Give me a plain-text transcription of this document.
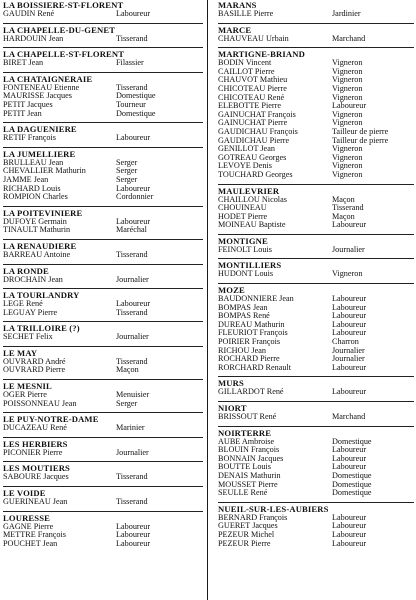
LA BOISSIERE-ST-FLORENT
GAUDIN René	Laboureur
LA CHAPELLE-DU-GENET
HARDOUIN Jean	Tisserand
LA CHAPELLE-ST-FLORENT
BIRET Jean	Filassier
LA CHATAIGNERAIE
FONTENEAU Etienne	Tisserand
MAURISSE Jacques	Domestique
PETIT Jacques	Tourneur
PETIT Jean	Domestique
LA DAGUENIERE
RETIF François	Laboureur
LA JUMELLIERE
BRULLEAU Jean	Serger
CHEVALLIER Mathurin	Serger
JAMME Jean	Serger
RICHARD Louis	Laboureur
ROMPION Charles	Cordonnier
LA POITEVINIERE
DUFOYE Germain	Laboureur
TINAULT Mathurin	Maréchal
LA RENAUDIERE
BARREAU Antoine	Tisserand
LA RONDE
DROCHAIN Jean	Journalier
LA TOURLANDRY
LEGE René	Laboureur
LEGUAY Pierre	Tisserand
LA TRILLOIRE (?)
SECHET Felix	Journalier
LE MAY
OUVRARD André	Tisserand
OUVRARD Pierre	Maçon
LE MESNIL
OGER Pierre	Menuisier
POISSONNEAU Jean	Serger
LE PUY-NOTRE-DAME
DUCAZEAU René	Marinier
LES HERBIERS
PICONIER Pierre	Journalier
LES MOUTIERS
SABOURE Jacques	Tisserand
LE VOIDE
GUERINEAU Jean	Tisserand
LOURESSE
GAGNE Pierre	Laboureur
METTRE François	Laboureur
POUCHET Jean	Laboureur
MARANS
BASILLE Pierre	Jardinier
MARCE
CHAUVEAU Urbain	Marchand
MARTIGNE-BRIAND
BODIN Vincent	Vigneron
CAILLOT Pierre	Vigneron
CHAUVOT Mathieu	Vigneron
CHICOTEAU Pierre	Vigneron
CHICOTEAU René	Vigneron
ELEBOTTE Pierre	Laboureur
GAINUCHAT François	Vigneron
GAINUCHAT Pierre	Vigneron
GAUDICHAU François	Tailleur de pierre
GAUDICHAU Pierre	Tailleur de pierre
GENILLOT Jean	Vigneron
GOTREAU Georges	Vigneron
LEVOYE Denis	Vigneron
TOUCHARD Georges	Vigneron
MAULEVRIER
CHAILLOU Nicolas	Maçon
CHOUINEAU	Tisserand
HODET Pierre	Maçon
MOINEAU Baptiste	Laboureur
MONTIGNE
FEINOLT Louis	Journalier
MONTILLIERS
HUDONT Louis	Vigneron
MOZE
BAUDONNIERE Jean	Laboureur
BOMPAS Jean	Laboureur
BOMPAS René	Laboureur
DUREAU Mathurin	Laboureur
FLEURIOT François	Laboureur
POIRIER François	Charron
RICHOU Jean	Journalier
ROCHARD Pierre	Journalier
RORCHARD Renault	Laboureur
MURS
GILLARDOT René	Laboureur
NIORT
BRISSOUT René	Marchand
NOIRTERRE
AUBE Ambroise	Domestique
BLOUIN François	Laboureur
BONNAIN Jacques	Laboureur
BOUTTE Louis	Laboureur
DENAIS Mathurin	Domestique
MOUSSET Pierre	Domestique
SEULLE René	Domestique
NUEIL-SUR-LES-AUBIERS
BERNARD François	Laboureur
GUERET Jacques	Laboureur
PEZEUR Michel	Laboureur
PEZEUR Pierre	Laboureur
